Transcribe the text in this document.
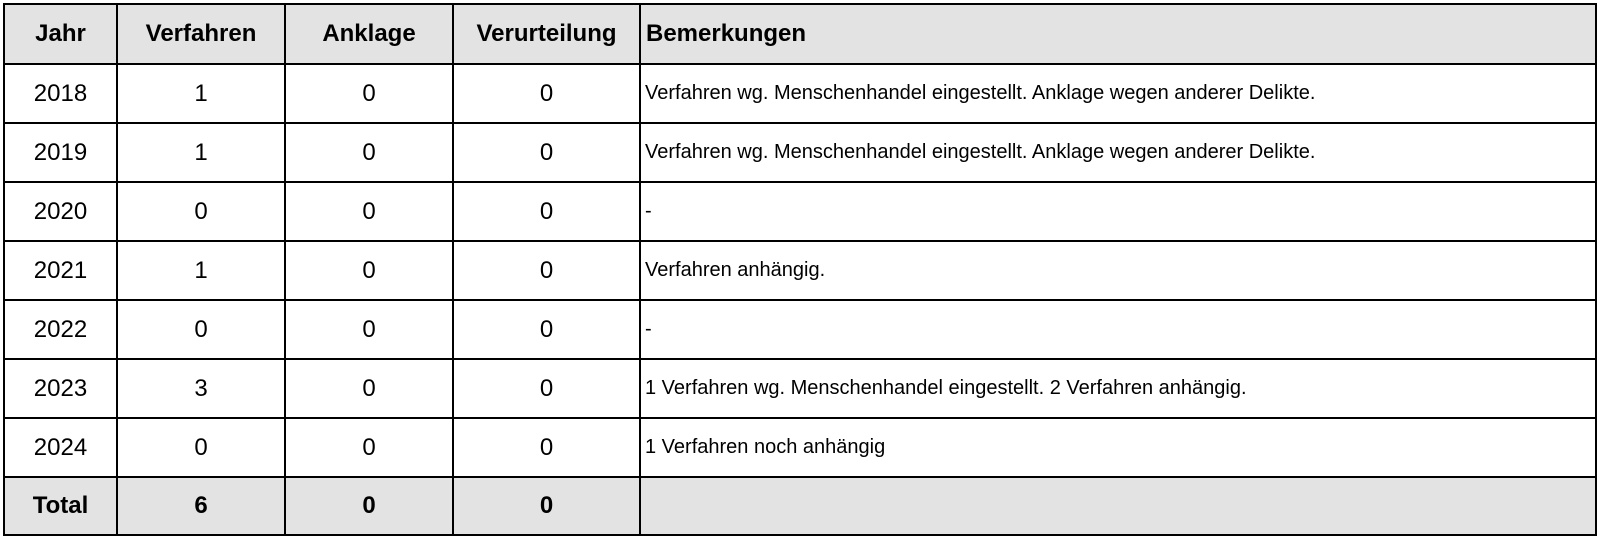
Jahr	Verfahren	Anklage	Verurteilung	Bemerkungen
2018	1	0	0	Verfahren wg. Menschenhandel eingestellt. Anklage wegen anderer Delikte.
2019	1	0	0	Verfahren wg. Menschenhandel eingestellt. Anklage wegen anderer Delikte.
2020	0	0	0	-
2021	1	0	0	Verfahren anhängig.
2022	0	0	0	-
2023	3	0	0	1 Verfahren wg. Menschenhandel eingestellt. 2 Verfahren anhängig.
2024	0	0	0	1 Verfahren noch anhängig
Total	6	0	0	
